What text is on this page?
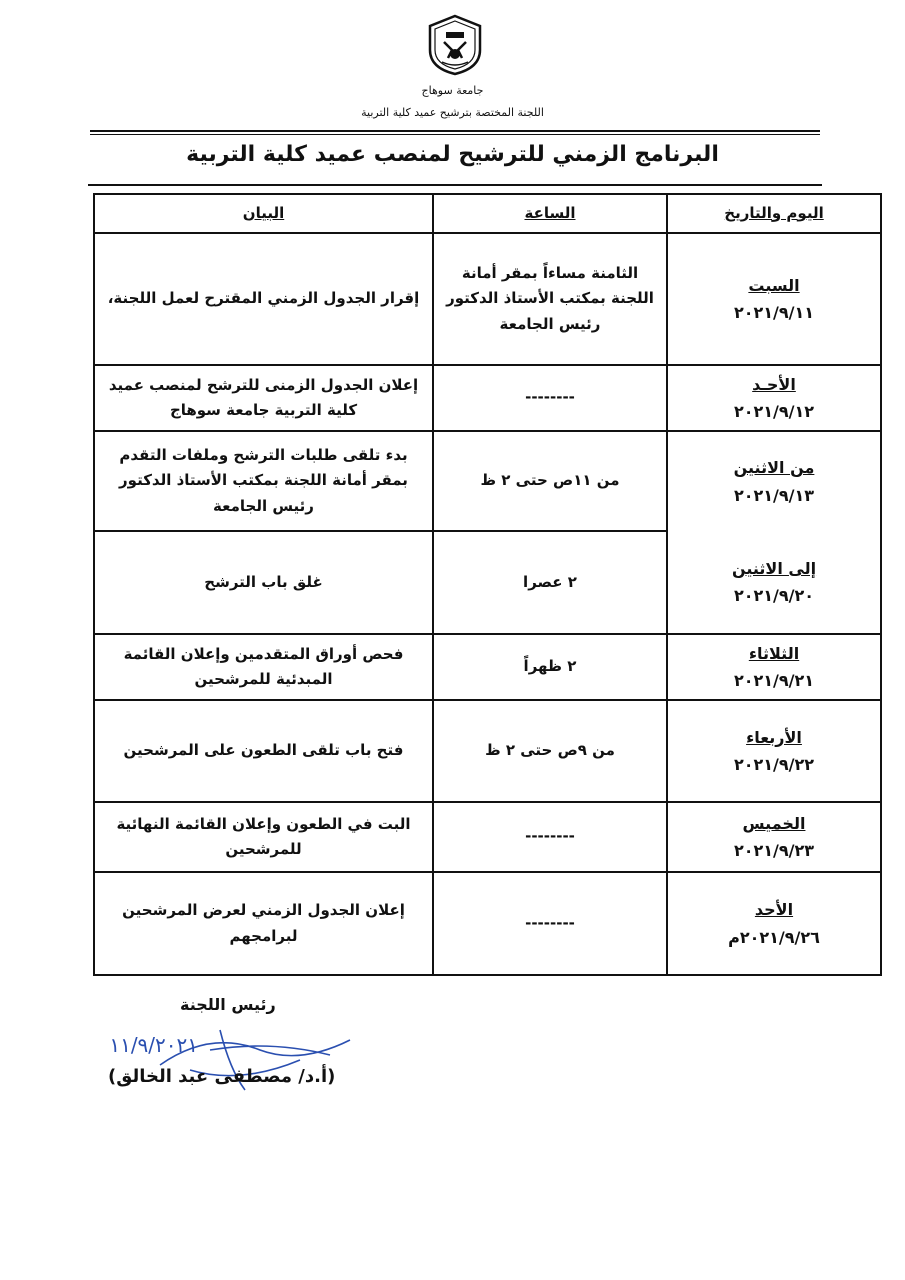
جامعة سوهاج
اللجنة المختصة بترشيح عميد كلية التربية
البرنامج الزمني للترشيح لمنصب عميد كلية التربية
اليوم والتاريخ	الساعة	البيان

السبت
٢٠٢١/٩/١١	الثامنة مساءاً بمقر أمانة اللجنة بمكتب الأستاذ الدكتور رئيس الجامعة	إقرار الجدول الزمني المقترح لعمل اللجنة،

الأحـد
٢٠٢١/٩/١٢	--------	إعلان الجدول الزمنى للترشح لمنصب عميد كلية التربية جامعة سوهاج

من الاثنين
٢٠٢١/٩/١٣	من ١١ص حتى ٢ ظ	بدء تلقى طلبات الترشح وملفات التقدم بمقر أمانة اللجنة بمكتب الأستاذ الدكتور رئيس الجامعة

إلى الاثنين
٢٠٢١/٩/٢٠	٢ عصرا	غلق باب الترشح

الثلاثاء
٢٠٢١/٩/٢١	٢ ظهراً	فحص أوراق المتقدمين وإعلان القائمة المبدئية للمرشحين

الأربعاء
٢٠٢١/٩/٢٢	من ٩ص حتى ٢ ظ	فتح باب تلقى الطعون على المرشحين

الخميس
٢٠٢١/٩/٢٣	--------	البت في الطعون وإعلان القائمة النهائية للمرشحين

الأحد
٢٠٢١/٩/٢٦م	--------	إعلان الجدول الزمني لعرض المرشحين لبرامجهم
رئيس اللجنة
١١/٩/٢٠٢١
(أ.د/ مصطفى عبد الخالق)
